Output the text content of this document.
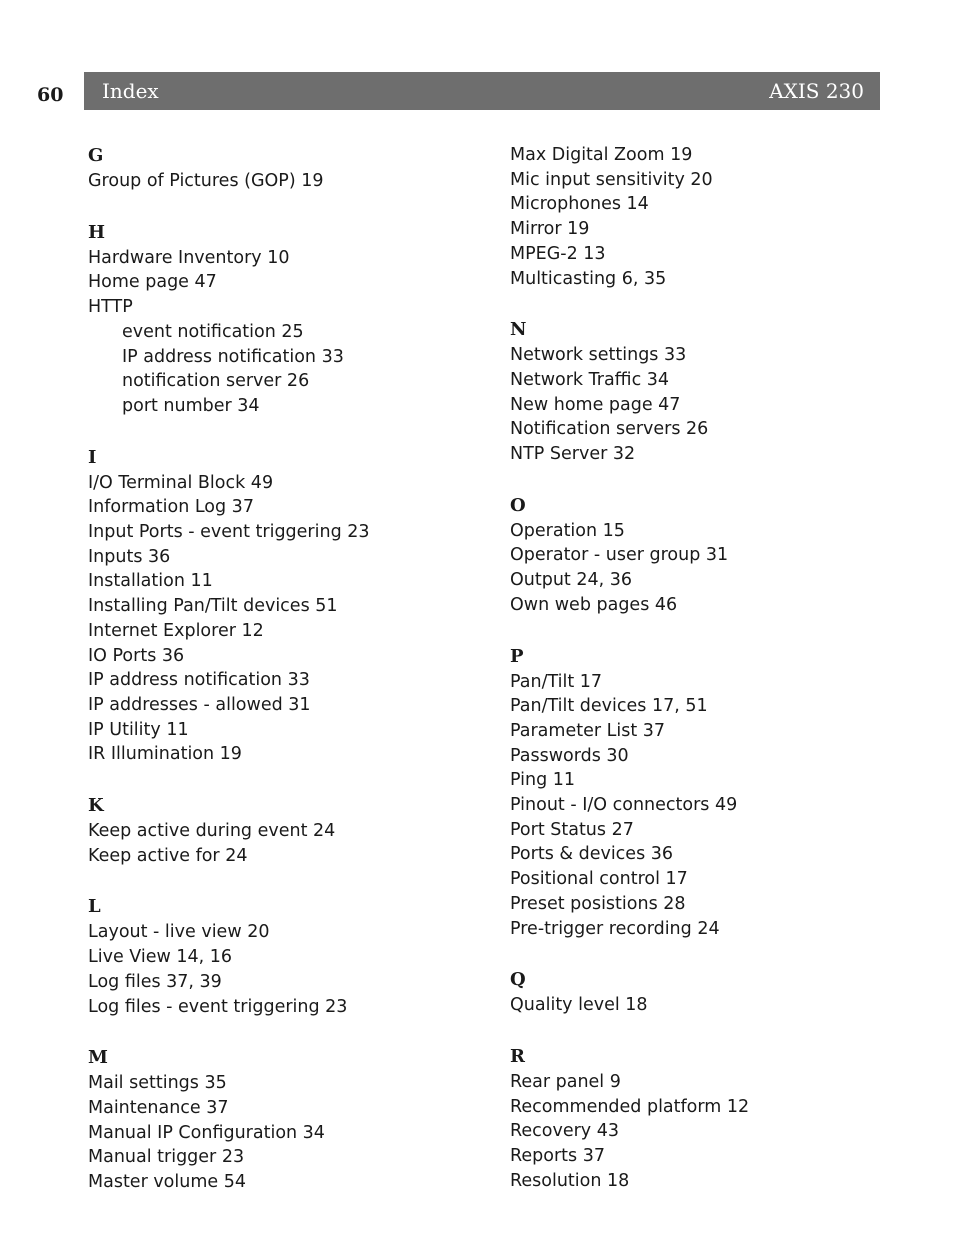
60 Index	AXIS 230
G
Group of Pictures (GOP) 19
H
Hardware Inventory 10
Home page 47
HTTP
event notification 25
IP address notification 33
notification server 26
port number 34
I
I/O Terminal Block 49
Information Log 37
Input Ports - event triggering 23
Inputs 36
Installation 11
Installing Pan/Tilt devices 51
Internet Explorer 12
IO Ports 36
IP address notification 33
IP addresses - allowed 31
IP Utility 11
IR Illumination 19
K
Keep active during event 24
Keep active for 24
L
Layout - live view 20
Live View 14, 16
Log files 37, 39
Log files - event triggering 23
M
Mail settings 35
Maintenance 37
Manual IP Configuration 34
Manual trigger 23
Master volume 54
Max Digital Zoom 19
Mic input sensitivity 20
Microphones 14
Mirror 19
MPEG-2 13
Multicasting 6, 35
N
Network settings 33
Network Traffic 34
New home page 47
Notification servers 26
NTP Server 32
O
Operation 15
Operator - user group 31
Output 24, 36
Own web pages 46
P
Pan/Tilt 17
Pan/Tilt devices 17, 51
Parameter List 37
Passwords 30
Ping 11
Pinout - I/O connectors 49
Port Status 27
Ports & devices 36
Positional control 17
Preset posistions 28
Pre-trigger recording 24
Q
Quality level 18
R
Rear panel 9
Recommended platform 12
Recovery 43
Reports 37
Resolution 18
